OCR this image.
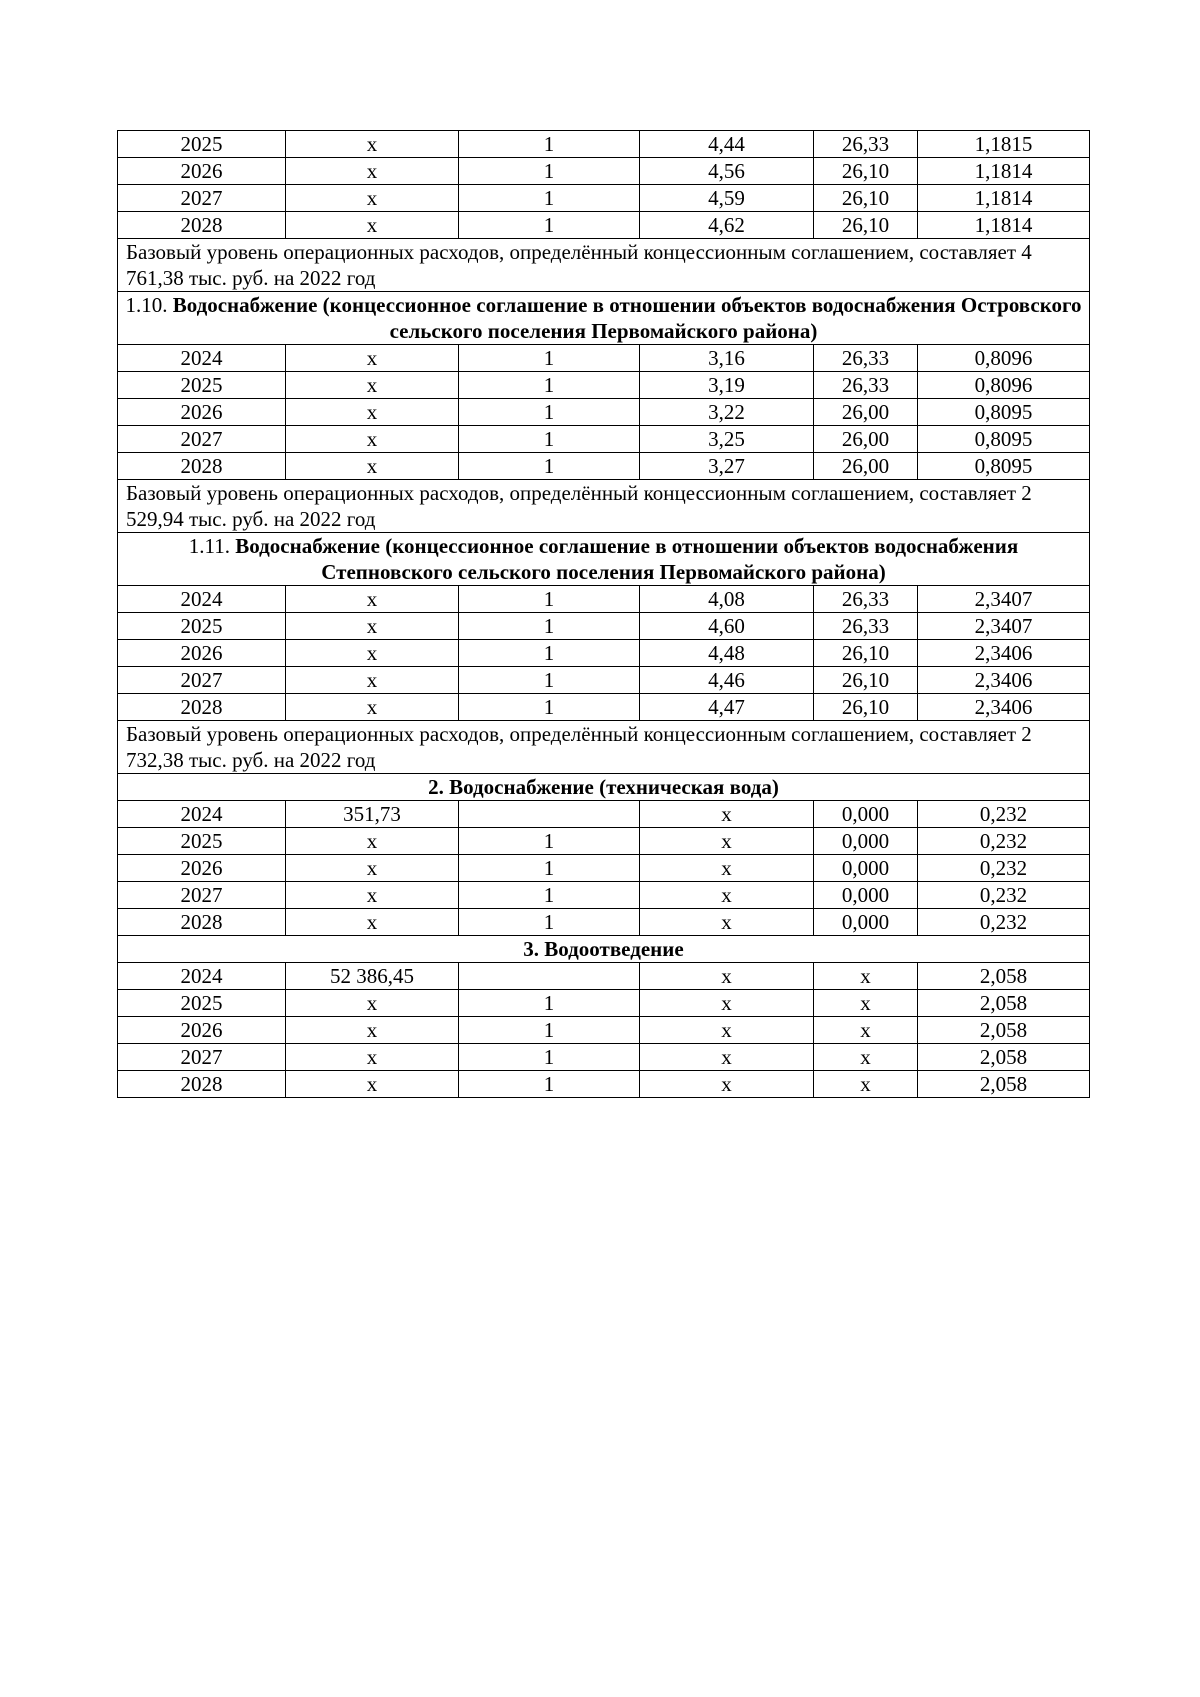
2025	x	1	4,44	26,33	1,1815
2026	x	1	4,56	26,10	1,1814
2027	x	1	4,59	26,10	1,1814
2028	x	1	4,62	26,10	1,1814
Базовый уровень операционных расходов, определённый концессионным соглашением, составляет 4 761,38 тыс. руб. на 2022 год					
1.10. Водоснабжение (концессионное соглашение в отношении объектов водоснабжения Островского сельского поселения Первомайского района)					
2024	x	1	3,16	26,33	0,8096
2025	x	1	3,19	26,33	0,8096
2026	x	1	3,22	26,00	0,8095
2027	x	1	3,25	26,00	0,8095
2028	x	1	3,27	26,00	0,8095
Базовый уровень операционных расходов, определённый концессионным соглашением, составляет 2 529,94 тыс. руб. на 2022 год					
1.11. Водоснабжение (концессионное соглашение в отношении объектов водоснабжения Степновского сельского поселения Первомайского района)					
2024	x	1	4,08	26,33	2,3407
2025	x	1	4,60	26,33	2,3407
2026	x	1	4,48	26,10	2,3406
2027	x	1	4,46	26,10	2,3406
2028	x	1	4,47	26,10	2,3406
Базовый уровень операционных расходов, определённый концессионным соглашением, составляет 2 732,38 тыс. руб. на 2022 год					
2. Водоснабжение (техническая вода)					
2024	351,73		x	0,000	0,232
2025	x	1	x	0,000	0,232
2026	x	1	x	0,000	0,232
2027	x	1	x	0,000	0,232
2028	x	1	x	0,000	0,232
3. Водоотведение					
2024	52 386,45		x	x	2,058
2025	x	1	x	x	2,058
2026	x	1	x	x	2,058
2027	x	1	x	x	2,058
2028	x	1	x	x	2,058
